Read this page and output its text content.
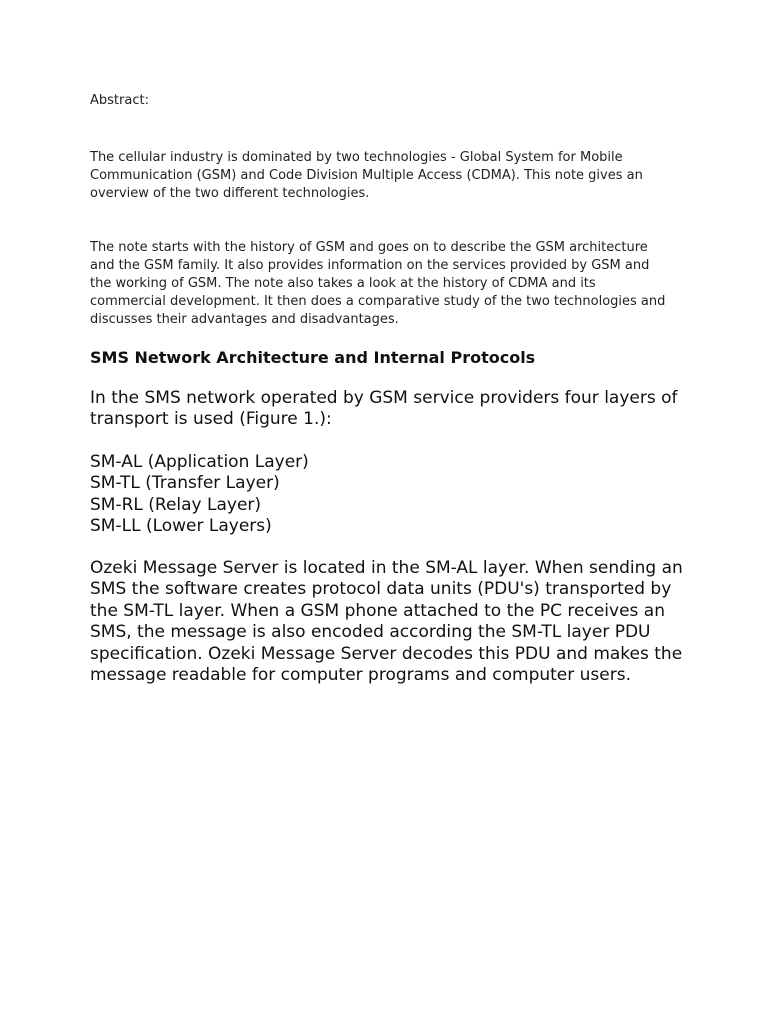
Abstract:

The cellular industry is dominated by two technologies - Global System for Mobile Communication (GSM) and Code Division Multiple Access (CDMA). This note gives an overview of the two different technologies.

The note starts with the history of GSM and goes on to describe the GSM architecture and the GSM family. It also provides information on the services provided by GSM and the working of GSM. The note also takes a look at the history of CDMA and its commercial development. It then does a comparative study of the two technologies and discusses their advantages and disadvantages.

SMS Network Architecture and Internal Protocols

In the SMS network operated by GSM service providers four layers of transport is used (Figure 1.):

SM-AL (Application Layer)
SM-TL (Transfer Layer)
SM-RL (Relay Layer)
SM-LL (Lower Layers)

Ozeki Message Server is located in the SM-AL layer. When sending an SMS the software creates protocol data units (PDU's) transported by the SM-TL layer. When a GSM phone attached to the PC receives an SMS, the message is also encoded according the SM-TL layer PDU specification. Ozeki Message Server decodes this PDU and makes the message readable for computer programs and computer users.
